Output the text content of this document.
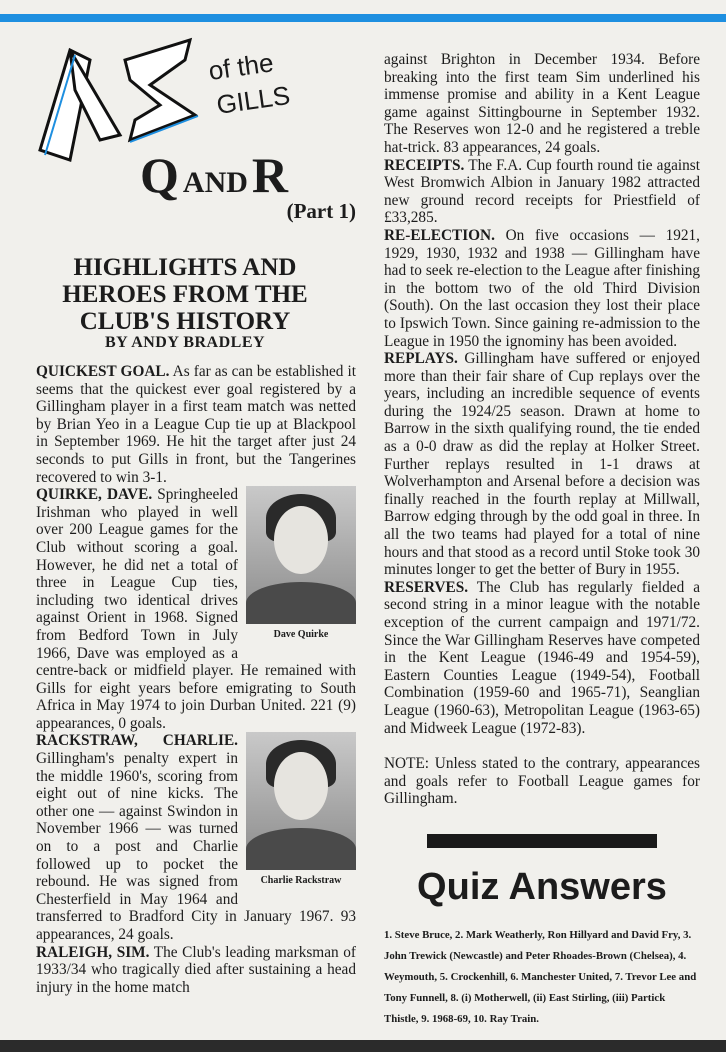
of the
GILLS
Q AND R
(Part 1)
HIGHLIGHTS AND HEROES FROM THE CLUB'S HISTORY
BY ANDY BRADLEY

QUICKEST GOAL. As far as can be established it seems that the quickest ever goal registered by a Gillingham player in a first team match was netted by Brian Yeo in a League Cup tie up at Blackpool in September 1969. He hit the target after just 24 seconds to put Gills in front, but the Tangerines recovered to win 3-1.

Dave Quirke
QUIRKE, DAVE. Springheeled Irishman who played in well over 200 League games for the Club without scoring a goal. However, he did net a total of three in League Cup ties, including two identical drives against Orient in 1968. Signed from Bedford Town in July 1966, Dave was employed as a centre-back or midfield player. He remained with Gills for eight years before emigrating to South Africa in May 1974 to join Durban United. 221 (9) appearances, 0 goals.

Charlie Rackstraw
RACKSTRAW, CHARLIE. Gillingham's penalty expert in the middle 1960's, scoring from eight out of nine kicks. The other one — against Swindon in November 1966 — was turned on to a post and Charlie followed up to pocket the rebound. He was signed from Chesterfield in May 1964 and transferred to Bradford City in January 1967. 93 appearances, 24 goals.

RALEIGH, SIM. The Club's leading marksman of 1933/34 who tragically died after sustaining a head injury in the home match

against Brighton in December 1934. Before breaking into the first team Sim underlined his immense promise and ability in a Kent League game against Sittingbourne in September 1932. The Reserves won 12-0 and he registered a treble hat-trick. 83 appearances, 24 goals.

RECEIPTS. The F.A. Cup fourth round tie against West Bromwich Albion in January 1982 attracted new ground record receipts for Priestfield of £33,285.

RE-ELECTION. On five occasions — 1921, 1929, 1930, 1932 and 1938 — Gillingham have had to seek re-election to the League after finishing in the bottom two of the old Third Division (South). On the last occasion they lost their place to Ipswich Town. Since gaining re-admission to the League in 1950 the ignominy has been avoided.

REPLAYS. Gillingham have suffered or enjoyed more than their fair share of Cup replays over the years, including an incredible sequence of events during the 1924/25 season. Drawn at home to Barrow in the sixth qualifying round, the tie ended as a 0-0 draw as did the replay at Holker Street. Further replays resulted in 1-1 draws at Wolverhampton and Arsenal before a decision was finally reached in the fourth replay at Millwall, Barrow edging through by the odd goal in three. In all the two teams had played for a total of nine hours and that stood as a record until Stoke took 30 minutes longer to get the better of Bury in 1955.

RESERVES. The Club has regularly fielded a second string in a minor league with the notable exception of the current campaign and 1971/72. Since the War Gillingham Reserves have competed in the Kent League (1946-49 and 1954-59), Eastern Counties League (1949-54), Football Combination (1959-60 and 1965-71), Seanglian League (1960-63), Metropolitan League (1963-65) and Midweek League (1972-83).

NOTE: Unless stated to the contrary, appearances and goals refer to Football League games for Gillingham.

Quiz Answers
1. Steve Bruce, 2. Mark Weatherly, Ron Hillyard and David Fry, 3. John Trewick (Newcastle) and Peter Rhoades-Brown (Chelsea), 4. Weymouth, 5. Crockenhill, 6. Manchester United, 7. Trevor Lee and Tony Funnell, 8. (i) Motherwell, (ii) East Stirling, (iii) Partick Thistle, 9. 1968-69, 10. Ray Train.
